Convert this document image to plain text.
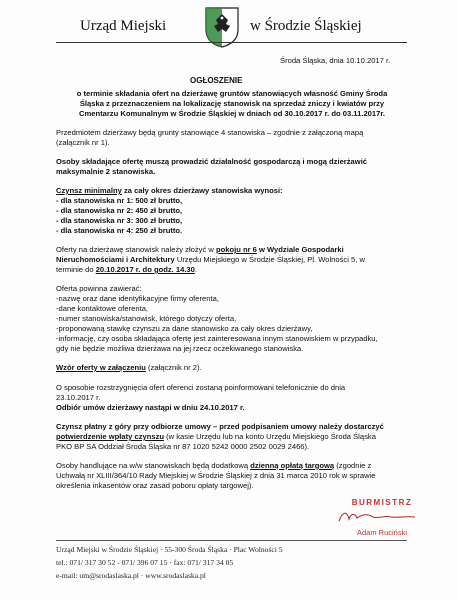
Urząd Miejski	w Środzie Śląskiej
Środa Śląska, dnia 10.10.2017 r.
OGŁOSZENIE
o terminie składania ofert na dzierżawę gruntów stanowiących własność Gminy Środa
Śląska z przeznaczeniem na lokalizację stanowisk na sprzedaż zniczy i kwiatów przy
Cmentarzu Komunalnym w Środzie Śląskiej w dniach od 30.10.2017 r. do 03.11.2017r.
Przedmiotem dzierżawy będą grunty stanowiące 4 stanowiska – zgodnie z załączoną mapą
(załącznik nr 1).
Osoby składające ofertę muszą prowadzić działalność gospodarczą i mogą dzierżawić
maksymalnie 2 stanowiska.
Czynsz minimalny za cały okres dzierżawy stanowiska wynosi:
- dla stanowiska nr 1: 500 zł brutto,
- dla stanowiska nr 2: 450 zł brutto,
- dla stanowiska nr 3: 300 zł brutto,
- dla stanowiska nr 4: 250 zł brutto.
Oferty na dzierżawę stanowisk należy złożyć w pokoju nr 6 w Wydziale Gospodarki
Nieruchomościami i Architektury Urzędu Miejskiego w Środzie Śląskiej, Pl. Wolności 5, w
terminie do 20.10.2017 r. do godz. 14.30.
Oferta powinna zawierać:
-nazwę oraz dane identyfikacyjne firmy oferenta,
-dane kontaktowe oferenta,
-numer stanowiska/stanowisk, którego dotyczy oferta,
-proponowaną stawkę czynszu za dane stanowisko za cały okres dzierżawy,
-informację, czy osoba składająca ofertę jest zainteresowana innym stanowiskiem w przypadku,
gdy nie będzie możliwa dzierżawa na jej rzecz oczekiwanego stanowiska.
Wzór oferty w załączeniu (załącznik nr 2).
O sposobie rozstrzygnięcia ofert oferenci zostaną poinformowani telefonicznie do dnia
23.10.2017 r.
Odbiór umów dzierżawy nastąpi w dniu 24.10.2017 r.
Czynsz płatny z góry przy odbiorze umowy – przed podpisaniem umowy należy dostarczyć
potwierdzenie wpłaty czynszu (w kasie Urzędu lub na konto Urzędu Miejskiego Środa Śląska
PKO BP SA Oddział Środa Śląska nr 87 1020 5242 0000 2502 0029 2466).
Osoby handlujące na w/w stanowiskach będą dodatkową dzienną opłatą targową (zgodnie z
Uchwałą nr XLIII/364/10 Rady Miejskiej w Środzie Śląskiej z dnia 31 marca 2010 rok w sprawie
określenia inkasentów oraz zasad poboru opłaty targowej).
BURMISTRZ
Adam Ruciński
Urząd Miejski w Środzie Śląskiej · 55-300 Środa Śląska · Plac Wolności 5
tel.: 071/ 317 30 52 - 071/ 396 07 15 · fax: 071/ 317 34 05
e-mail: um@srodaslaska.pl · www.srodaslaska.pl
